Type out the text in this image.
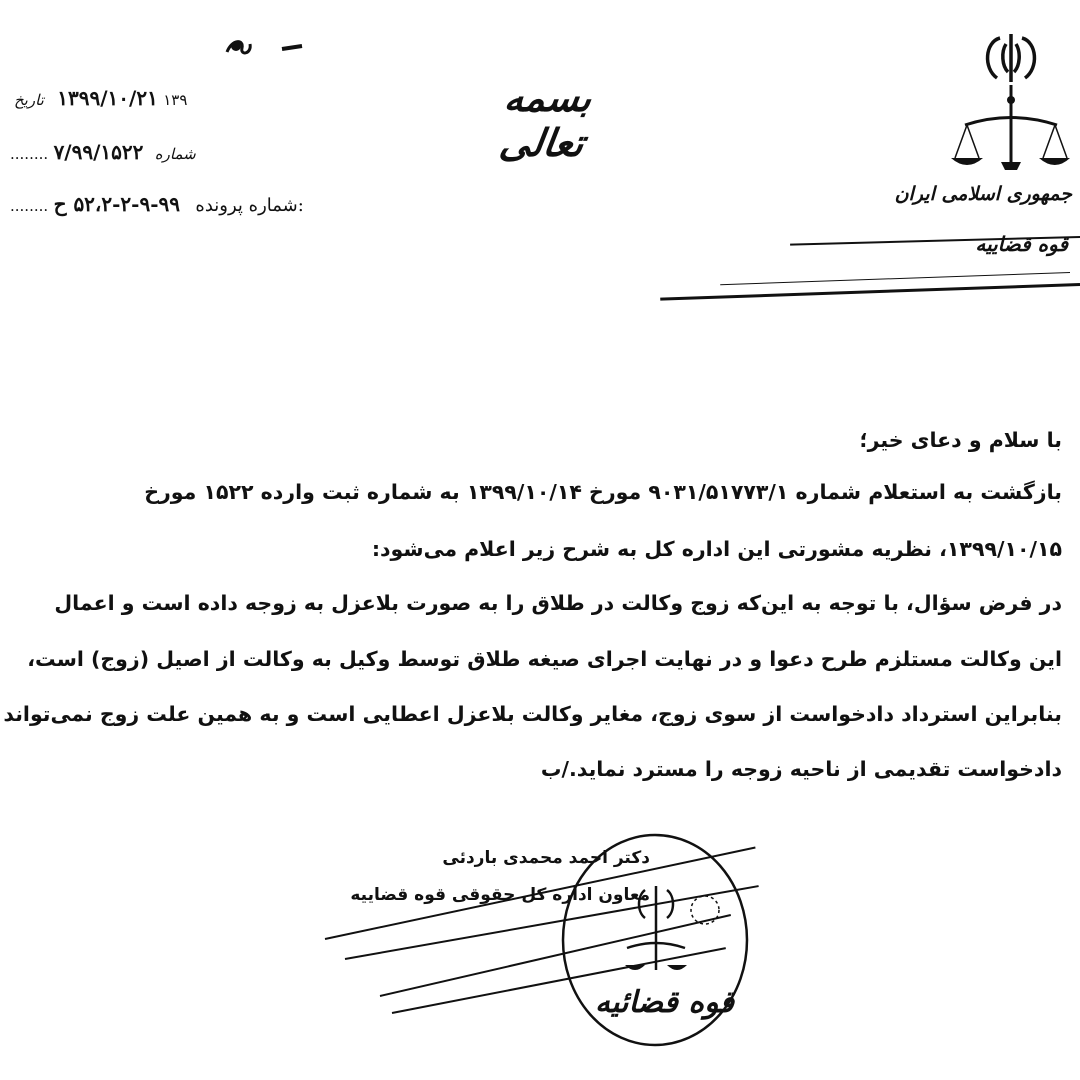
جمهوری اسلامی ایران
قوه قضاییه
بسمه تعالی
۱۳۹ ۱۳۹۹/۱۰/۲۱ تاریخ
........ ۷/۹۹/۱۵۲۲ شماره
........ ۵۲،۲-۲-۹-۹۹ ح شماره پرونده:
با سلام و دعای خیر؛
بازگشت به استعلام شماره ۹۰۳۱/۵۱۷۷۳/۱ مورخ ۱۳۹۹/۱۰/۱۴ به شماره ثبت وارده ۱۵۲۲ مورخ
۱۳۹۹/۱۰/۱۵، نظریه مشورتی این اداره کل به شرح زیر اعلام می‌شود:
در فرض سؤال، با توجه به این‌که زوج وکالت در طلاق را به صورت بلاعزل به زوجه داده است و اعمال
این وکالت مستلزم طرح دعوا و در نهایت اجرای صیغه طلاق توسط وکیل به وکالت از اصیل (زوج) است،
بنابراین استرداد دادخواست از سوی زوج، مغایر وکالت بلاعزل اعطایی است و به همین علت زوج نمی‌تواند
دادخواست تقدیمی از ناحیه زوجه را مسترد نماید./ب
قوه قضائیه
دکتر احمد محمدی باردئی
معاون اداره کل حقوقی قوه قضاییه
